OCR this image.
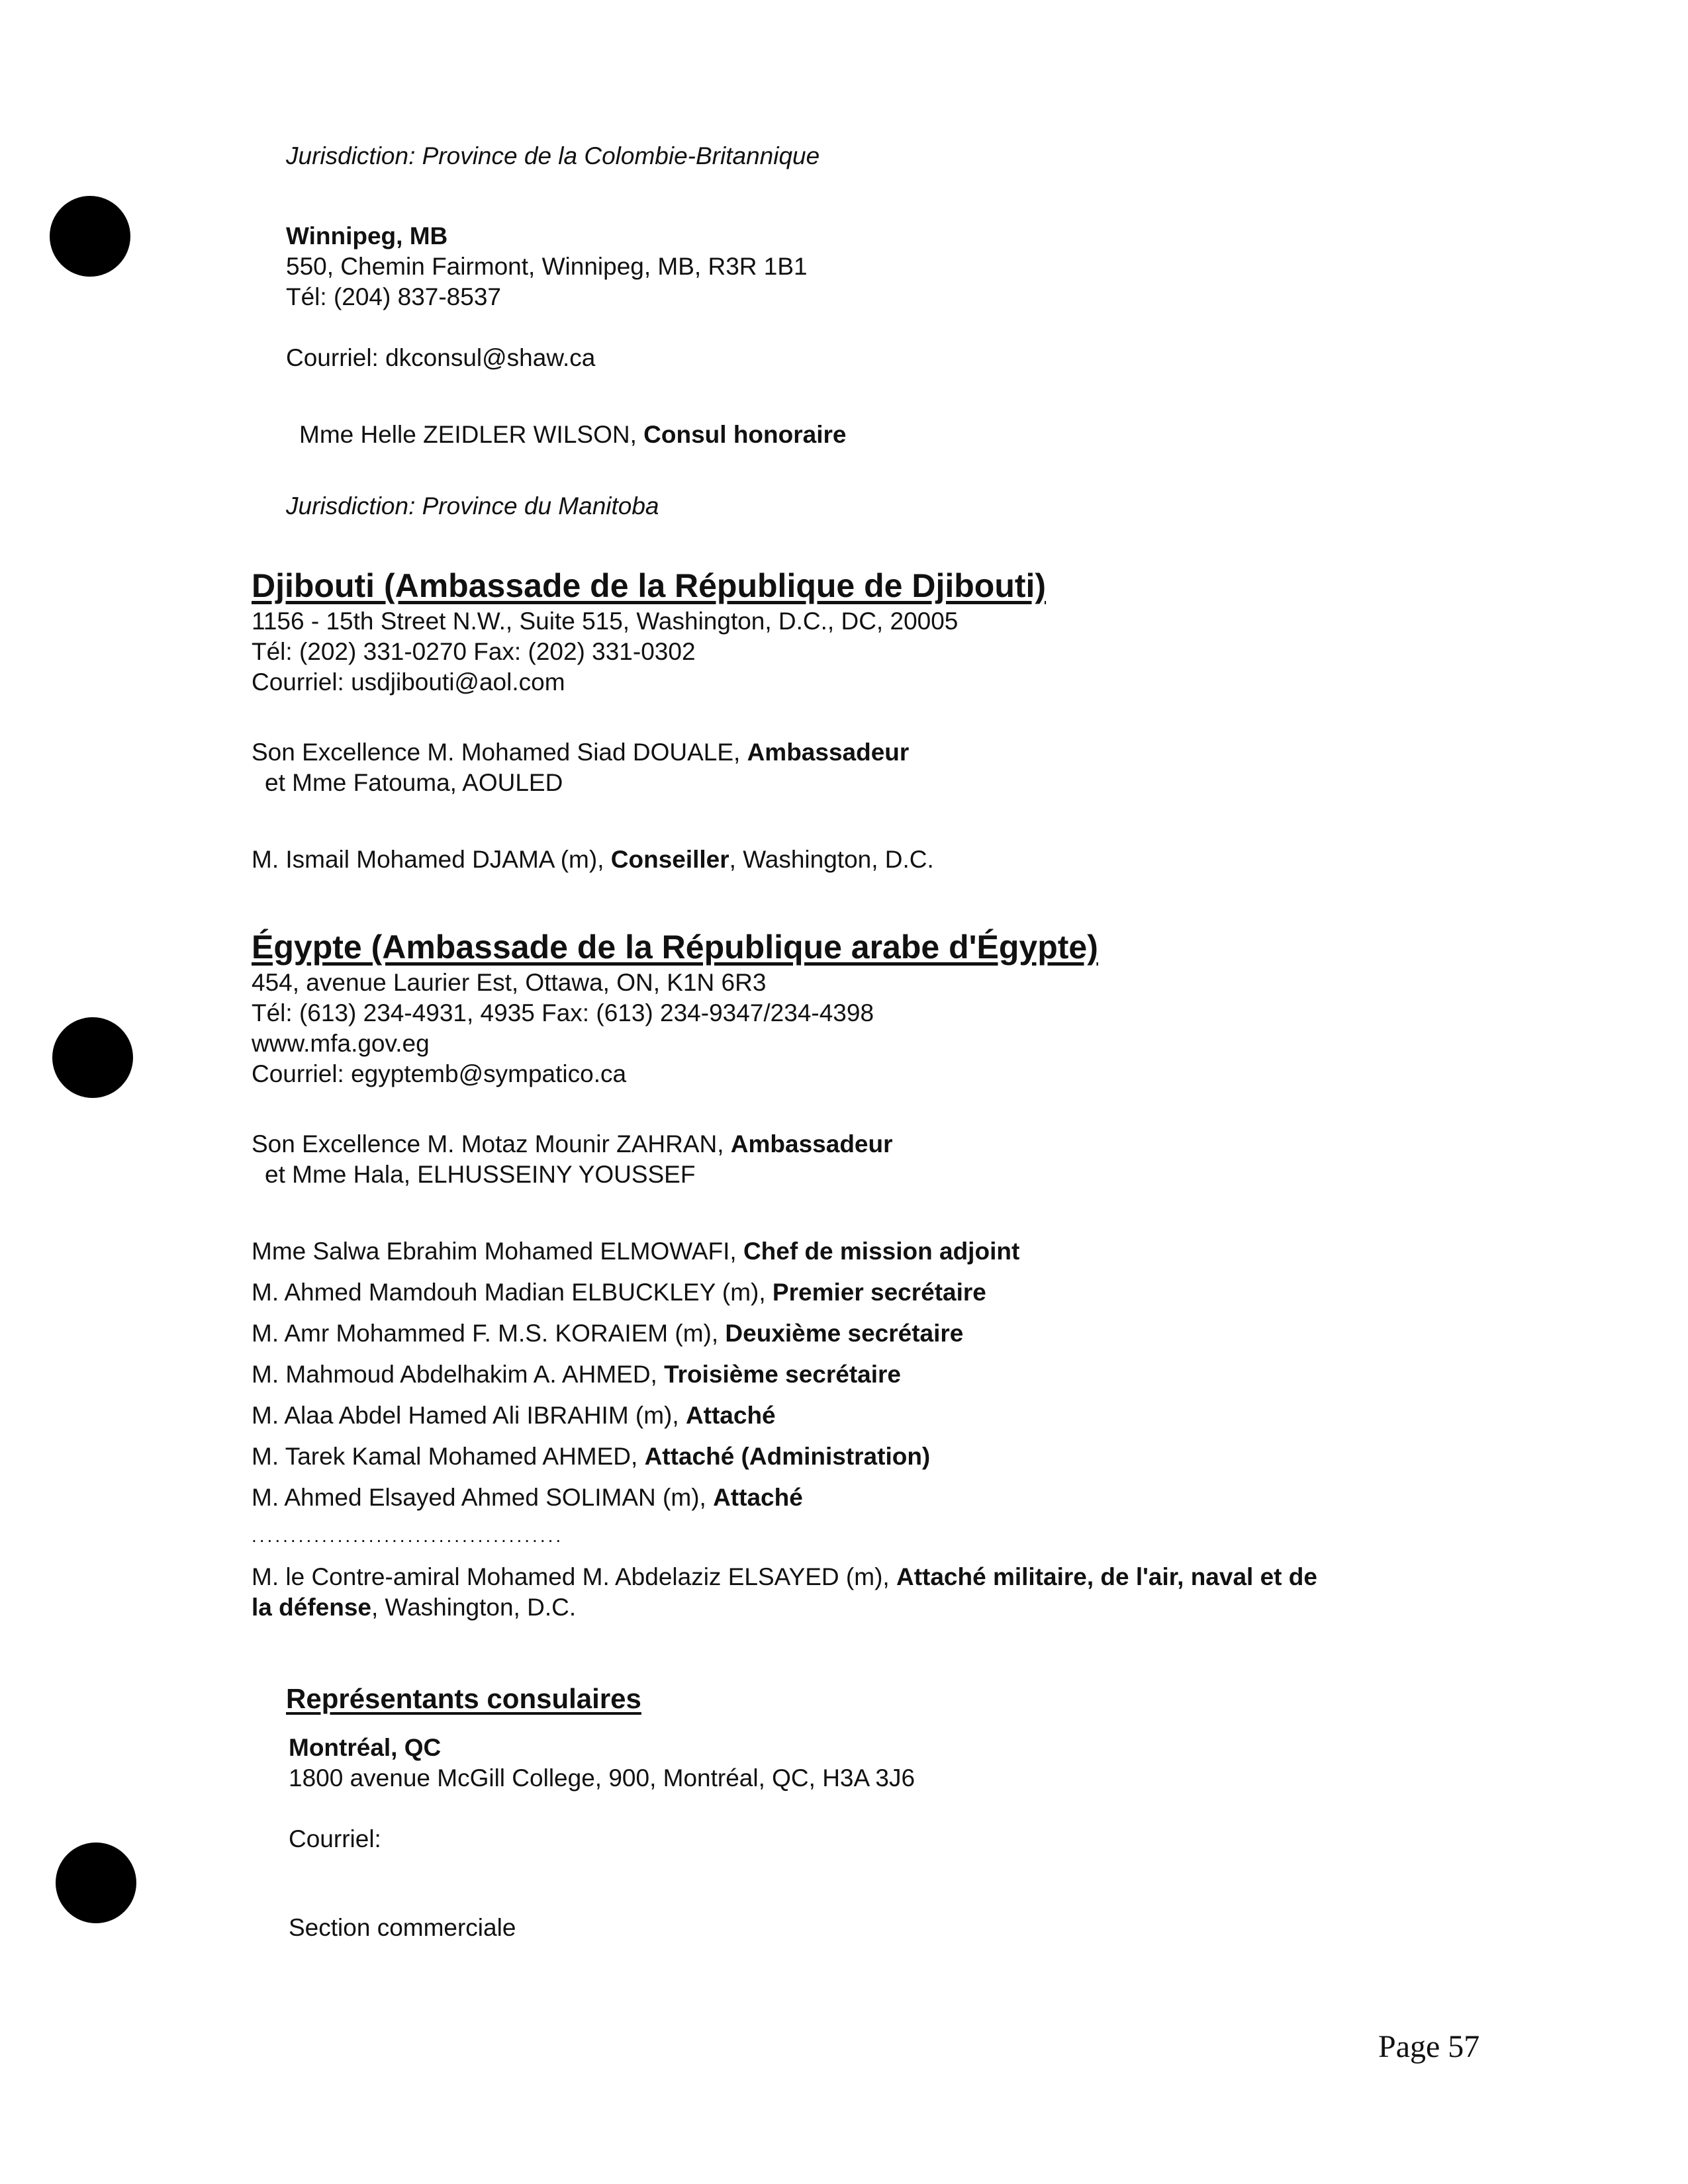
Jurisdiction: Province de la Colombie-Britannique
Winnipeg, MB
550, Chemin Fairmont, Winnipeg, MB, R3R 1B1
Tél: (204) 837-8537
Courriel: dkconsul@shaw.ca
Mme Helle ZEIDLER WILSON, Consul honoraire
Jurisdiction: Province du Manitoba
Djibouti (Ambassade de la République de Djibouti)
1156 - 15th Street N.W., Suite 515, Washington, D.C., DC, 20005
Tél: (202) 331-0270 Fax: (202) 331-0302
Courriel: usdjibouti@aol.com
Son Excellence M. Mohamed Siad DOUALE, Ambassadeur
et Mme Fatouma, AOULED
M. Ismail Mohamed DJAMA (m), Conseiller, Washington, D.C.
Égypte (Ambassade de la République arabe d'Égypte)
454, avenue Laurier Est, Ottawa, ON, K1N 6R3
Tél: (613) 234-4931, 4935 Fax: (613) 234-9347/234-4398
www.mfa.gov.eg
Courriel: egyptemb@sympatico.ca
Son Excellence M. Motaz Mounir ZAHRAN, Ambassadeur
et Mme Hala, ELHUSSEINY YOUSSEF
Mme Salwa Ebrahim Mohamed ELMOWAFI, Chef de mission adjoint
M. Ahmed Mamdouh Madian ELBUCKLEY (m), Premier secrétaire
M. Amr Mohammed F. M.S. KORAIEM (m), Deuxième secrétaire
M. Mahmoud Abdelhakim A. AHMED, Troisième secrétaire
M. Alaa Abdel Hamed Ali IBRAHIM (m), Attaché
M. Tarek Kamal Mohamed AHMED, Attaché (Administration)
M. Ahmed Elsayed Ahmed SOLIMAN (m), Attaché
........................................
M. le Contre-amiral Mohamed M. Abdelaziz ELSAYED (m), Attaché militaire, de l'air, naval et de
la défense, Washington, D.C.
Représentants consulaires
Montréal, QC
1800 avenue McGill College, 900, Montréal, QC, H3A 3J6
Courriel:
Section commerciale
Page 57
